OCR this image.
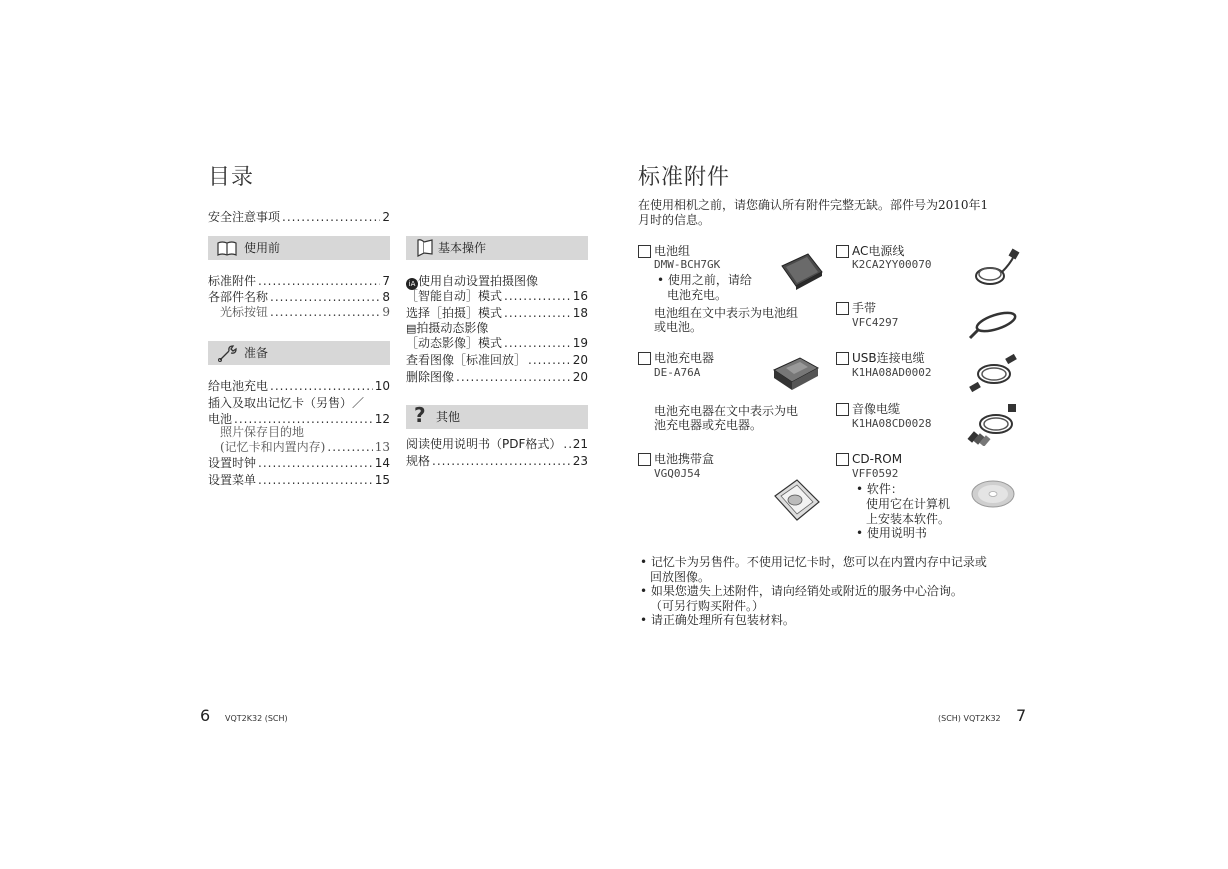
目录
安全注意事项 .....	2
使用前
标准附件 .....	7
各部件名称 .....	8
光标按钮 .....	9
准备
给电池充电 .....	10
插入及取出记忆卡（另售）／
电池 .....	12
照片保存目的地
(记忆卡和内置内存) .....	13
设置时钟 .....	14
设置菜单 .....	15
基本操作
iA 使用自动设置拍摄图像
［智能自动］模式 .....	16
选择［拍摄］模式 .....	18
▤拍摄动态影像
［动态影像］模式 .....	19
查看图像［标准回放］ .....	20
删除图像 .....	20
? 其他
阅读使用说明书（PDF格式） ..... 21
规格 .....	23
6 VQT2K32 (SCH)
标准附件
在使用相机之前，请您确认所有附件完整无缺。部件号为2010年1
月时的信息。
电池组
DMW-BCH7GK
• 使用之前，请给
电池充电。
电池组在文中表示为电池组
或电池。
电池充电器
DE-A76A
电池充电器在文中表示为电
池充电器或充电器。
电池携带盒
VGQ0J54
AC电源线
K2CA2YY00070
手带
VFC4297
USB连接电缆
K1HA08AD0002
音像电缆
K1HA08CD0028
CD-ROM
VFF0592
• 软件：
使用它在计算机
上安装本软件。
• 使用说明书
• 记忆卡为另售件。不使用记忆卡时，您可以在内置内存中记录或
回放图像。
• 如果您遗失上述附件，请向经销处或附近的服务中心洽询。
（可另行购买附件。）
• 请正确处理所有包装材料。
(SCH) VQT2K32 7
